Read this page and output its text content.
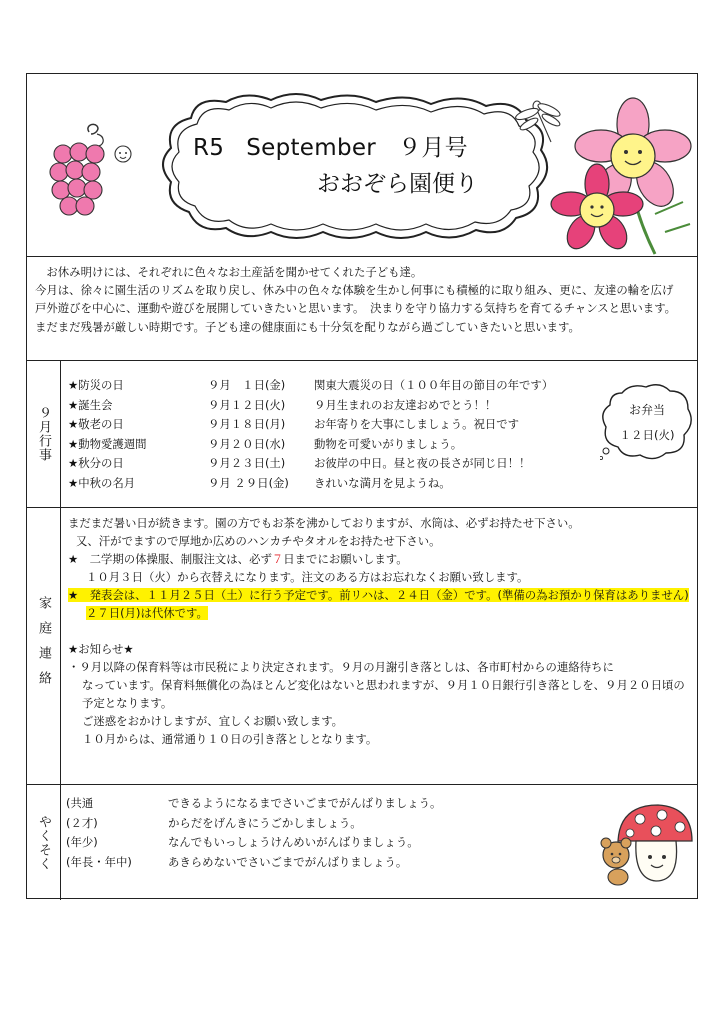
R5 September ９月号
おおぞら園便り

　お休み明けには、それぞれに色々なお土産話を聞かせてくれた子ども達。

今月は、徐々に園生活のリズムを取り戻し、休み中の色々な体験を生かし何事にも積極的に取り組み、更に、友達の輪を広げ

戸外遊びを中心に、運動や遊びを展開していきたいと思います。　決まりを守り協力する気持ちを育てるチャンスと思います。

まだまだ残暑が厳しい時期です。子ども達の健康面にも十分気を配りながら過ごしていきたいと思います。

９月行事
★防災の日	９月　１日(金)	関東大震災の日（１００年目の節目の年です）
★誕生会	９月１２日(火)	９月生まれのお友達おめでとう！！
★敬老の日	９月１８日(月)	お年寄りを大事にしましょう。祝日です
★動物愛護週間	９月２０日(水)	動物を可愛いがりましょう。
★秋分の日	９月２３日(土)	お彼岸の中日。昼と夜の長さが同じ日！！
★中秋の名月	９月 ２９日(金) きれいな満月を見ようね。
お弁当
１２日(火)
家庭連絡

まだまだ暑い日が続きます。園の方でもお茶を沸かしておりますが、水筒は、必ずお持たせ下さい。

又、汗がでますので厚地か広めのハンカチやタオルをお持たせ下さい。

★　二学期の体操服、制服注文は、必ず７日までにお願いします。

１０月３日（火）から衣替えになります。注文のある方はお忘れなくお願い致します。

★　発表会は、１１月２５日（土）に行う予定です。前リハは、２４日（金）です。(準備の為お預かり保育はありません)

２７日(月)は代休です。

★お知らせ★

・９月以降の保育料等は市民税により決定されます。９月の月謝引き落としは、各市町村からの連絡待ちに

なっています。保育料無償化の為ほとんど変化はないと思われますが、９月１０日銀行引き落としを、９月２０日頃の

予定となります。

ご迷惑をおかけしますが、宜しくお願い致します。

１０月からは、通常通り１０日の引き落としとなります。

やくそく
(共通	できるようになるまでさいごまでがんばりましょう。
(２才)	からだをげんきにうごかしましょう。
(年少)	なんでもいっしょうけんめいがんばりましょう。
(年長・年中)	あきらめないでさいごまでがんばりましょう。
